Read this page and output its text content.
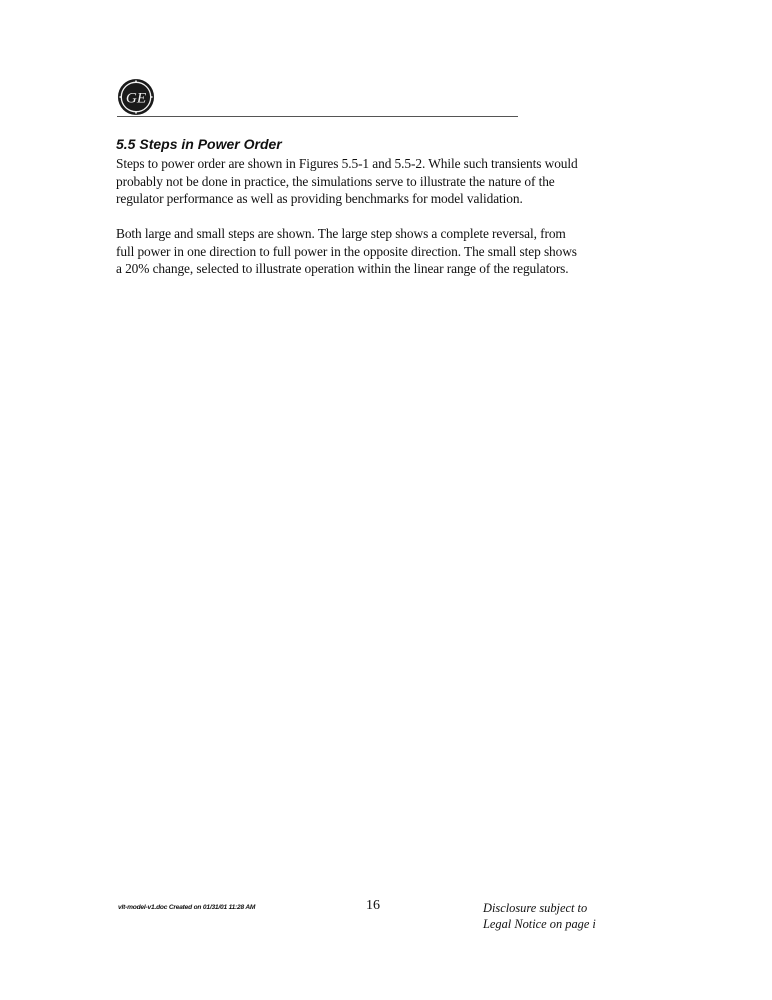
GE
5.5 Steps in Power Order

Steps to power order are shown in Figures 5.5-1 and 5.5-2. While such transients would
probably not be done in practice, the simulations serve to illustrate the nature of the
regulator performance as well as providing benchmarks for model validation.

Both large and small steps are shown. The large step shows a complete reversal, from
full power in one direction to full power in the opposite direction. The small step shows
a 20% change, selected to illustrate operation within the linear range of the regulators.

vlt-model-v1.doc Created on 01/31/01 11:28 AM	16	Disclosure subject to
Legal Notice on page i
